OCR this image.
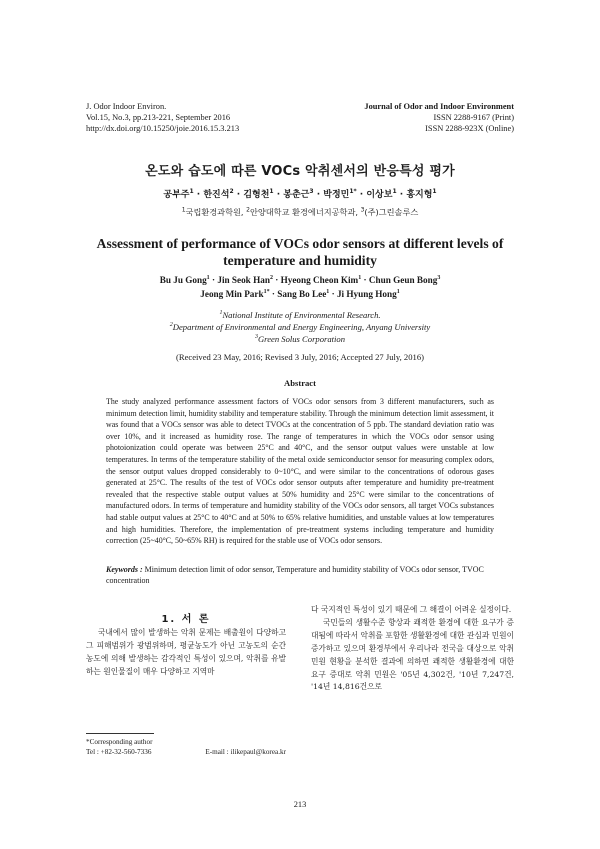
J. Odor Indoor Environ.
Vol.15, No.3, pp.213-221, September 2016
http://dx.doi.org/10.15250/joie.2016.15.3.213
Journal of Odor and Indoor Environment
ISSN 2288-9167 (Print)
ISSN 2288-923X (Online)
온도와 습도에 따른 VOCs 악취센서의 반응특성 평가
공부주$^1$ · 한진석$^2$ · 김형천$^1$ · 봉춘근$^3$ · 박정민$^{1*}$ · 이상보$^1$ · 홍지형$^1$
$^1$국립환경과학원, $^2$안양대학교 환경에너지공학과, $^3$(주)그린솔루스
Assessment of performance of VOCs odor sensors at different levels of temperature and humidity
Bu Ju Gong$^1$ · Jin Seok Han$^2$ · Hyeong Cheon Kim$^1$ · Chun Geun Bong$^3$
Jeong Min Park$^{1*}$ · Sang Bo Lee$^1$ · Ji Hyung Hong$^1$
$^1$National Institute of Environmental Research.
$^2$Department of Environmental and Energy Engineering, Anyang University
$^3$Green Solus Corporation
(Received 23 May, 2016; Revised 3 July, 2016; Accepted 27 July, 2016)
Abstract
The study analyzed performance assessment factors of VOCs odor sensors from 3 different manufacturers, such as minimum detection limit, humidity stability and temperature stability. Through the minimum detection limit assessment, it was found that a VOCs sensor was able to detect TVOCs at the concentration of 5 ppb. The standard deviation ratio was over 10%, and it increased as humidity rose. The range of temperatures in which the VOCs odor sensor using photoionization could operate was between 25°C and 40°C, and the sensor output values were unstable at low temperatures. In terms of the temperature stability of the metal oxide semiconductor sensor for measuring complex odors, the sensor output values dropped considerably to 0~10°C, and were similar to the concentrations of odorous gases generated at 25°C. The results of the test of VOCs odor sensor outputs after temperature and humidity pre-treatment revealed that the respective stable output values at 50% humidity and 25°C were similar to the concentrations of manufactured odors. In terms of temperature and humidity stability of the VOCs odor sensors, all target VOCs substances had stable output values at 25°C to 40°C and at 50% to 65% relative humidities, and unstable values at low temperatures and high humidities. Therefore, the implementation of pre-treatment systems including temperature and humidity correction (25~40°C, 50~65% RH) is required for the stable use of VOCs odor sensors.
Keywords : Minimum detection limit of odor sensor, Temperature and humidity stability of VOCs odor sensor, TVOC concentration
1. 서 론

국내에서 많이 발생하는 악취 문제는 배출원이 다양하고 그 피해범위가 광범위하며, 평균농도가 아닌 고농도의 순간농도에 의해 발생하는 감각적인 특성이 있으며, 악취를 유발하는 원인물질이 매우 다양하고 지역마

다 국지적인 특성이 있기 때문에 그 해결이 어려운 실정이다.

국민들의 생활수준 향상과 쾌적한 환경에 대한 요구가 증대됨에 따라서 악취를 포함한 생활환경에 대한 관심과 민원이 증가하고 있으며 환경부에서 우리나라 전국을 대상으로 악취 민원 현황을 분석한 결과에 의하면 쾌적한 생활환경에 대한 요구 증대로 악취 민원은 '05년 4,302건, '10년 7,247건, '14년 14,816건으로

*Corresponding author
Tel : +82-32-560-7336	E-mail : ilikepaul@korea.kr
213
